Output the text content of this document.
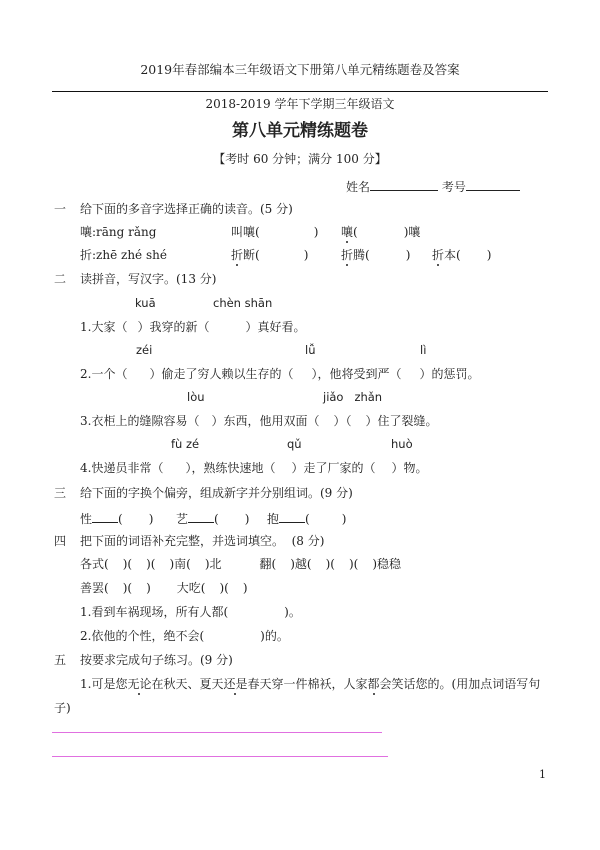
2019年春部编本三年级语文下册第八单元精练题卷及答案
2018-2019 学年下学期三年级语文
第八单元精练题卷
【考时 60 分钟；满分 100 分】
姓名	考号
一 给下面的多音字选择正确的读音。(5 分)
嚷:rāng rǎng	叫嚷(	) 嚷(	)嚷
折:zhē zhé shé	折断(	)	折腾(	) 折本( )
二 读拼音，写汉字。(13 分)
kuā	chèn shān
1.大家（ ）我穿的新（	）真好看。
zéi	lǚ	lì
2.一个（ ）偷走了穷人赖以生存的（ ），他将受到严（ ）的惩罚。
lòu	jiǎo   zhǎn
3.衣柜上的缝隙容易（ ）东西，他用双面（ ）（ ）住了裂缝。
fù zé	qǔ	huò
4.快递员非常（ ），熟练快速地（ ）走了厂家的（ ）物。
三 给下面的字换个偏旁，组成新字并分别组词。(9 分)
性 ( ) 艺 ( ) 抱 (	)
四 把下面的词语补充完整，并选词填空。  (8 分)
各式( )( )( )南( )北	翻( )越( )( )( )稳稳
善罢( )( ) 大吃( )( )
1.看到车祸现场，所有人都(	)。
2.依他的个性，绝不会(	)的。
五 按要求完成句子练习。(9 分)
1.可是您无论在秋天、夏天还是春天穿一件棉袄，人家都会笑话您的。(用加点词语写句
子)
1
